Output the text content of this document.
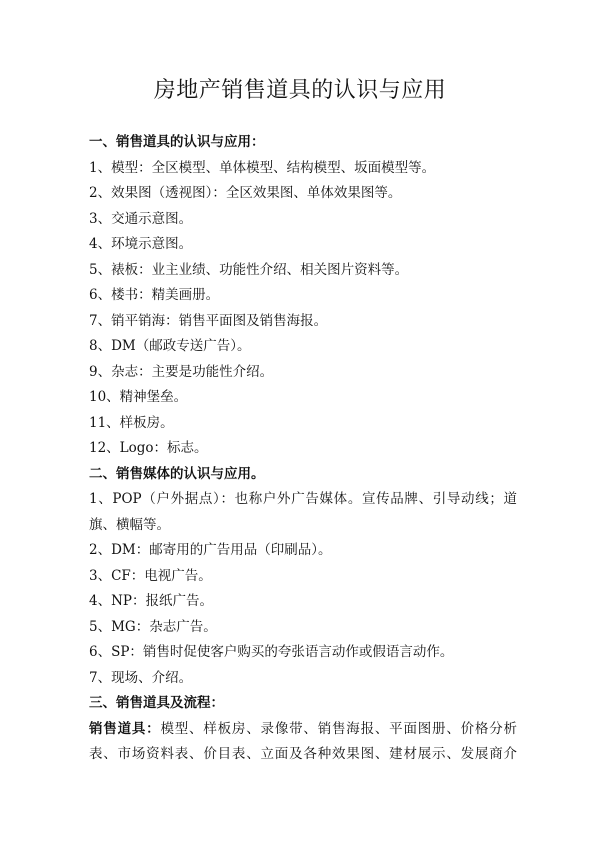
房地产销售道具的认识与应用
一、销售道具的认识与应用：
1、模型：全区模型、单体模型、结构模型、坂面模型等。
2、效果图（透视图）：全区效果图、单体效果图等。
3、交通示意图。
4、环境示意图。
5、裱板：业主业绩、功能性介绍、相关图片资料等。
6、楼书：精美画册。
7、销平销海：销售平面图及销售海报。
8、DM（邮政专送广告）。
9、杂志：主要是功能性介绍。
10、精神堡垒。
11、样板房。
12、Logo：标志。
二、销售媒体的认识与应用。
1、POP（户外据点）：也称户外广告媒体。宣传品牌、引导动线；道
旗、横幅等。
2、DM：邮寄用的广告用品（印刷品）。
3、CF：电视广告。
4、NP：报纸广告。
5、MG：杂志广告。
6、SP：销售时促使客户购买的夸张语言动作或假语言动作。
7、现场、介绍。
三、销售道具及流程：
销售道具：模型、样板房、录像带、销售海报、平面图册、价格分析
表、市场资料表、价目表、立面及各种效果图、建材展示、发展商介
